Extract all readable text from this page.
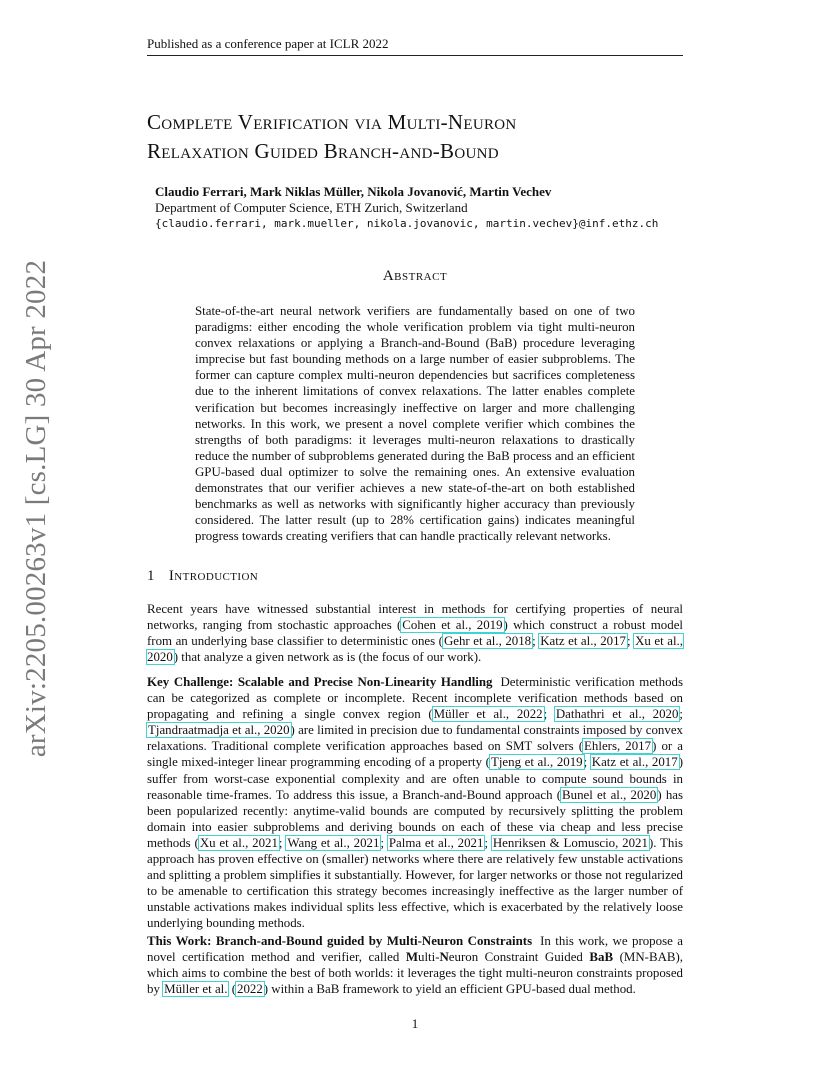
Published as a conference paper at ICLR 2022
Complete Verification via Multi-Neuron
Relaxation Guided Branch-and-Bound
Claudio Ferrari, Mark Niklas Müller, Nikola Jovanović, Martin Vechev
Department of Computer Science, ETH Zurich, Switzerland
{claudio.ferrari, mark.mueller, nikola.jovanovic, martin.vechev}@inf.ethz.ch
Abstract
State-of-the-art neural network verifiers are fundamentally based on one of two paradigms: either encoding the whole verification problem via tight multi-neuron convex relaxations or applying a Branch-and-Bound (BaB) procedure leveraging imprecise but fast bounding methods on a large number of easier subproblems. The former can capture complex multi-neuron dependencies but sacrifices completeness due to the inherent limitations of convex relaxations. The latter enables complete verification but becomes increasingly ineffective on larger and more challenging networks. In this work, we present a novel complete verifier which combines the strengths of both paradigms: it leverages multi-neuron relaxations to drastically reduce the number of subproblems generated during the BaB process and an efficient GPU-based dual optimizer to solve the remaining ones. An extensive evaluation demonstrates that our verifier achieves a new state-of-the-art on both established benchmarks as well as networks with significantly higher accuracy than previously considered. The latter result (up to 28% certification gains) indicates meaningful progress towards creating verifiers that can handle practically relevant networks.
1 Introduction
Recent years have witnessed substantial interest in methods for certifying properties of neural networks, ranging from stochastic approaches (Cohen et al., 2019) which construct a robust model from an underlying base classifier to deterministic ones (Gehr et al., 2018; Katz et al., 2017; Xu et al., 2020) that analyze a given network as is (the focus of our work).
Key Challenge: Scalable and Precise Non-Linearity Handling Deterministic verification methods can be categorized as complete or incomplete. Recent incomplete verification methods based on propagating and refining a single convex region (Müller et al., 2022; Dathathri et al., 2020; Tjandraatmadja et al., 2020) are limited in precision due to fundamental constraints imposed by convex relaxations. Traditional complete verification approaches based on SMT solvers (Ehlers, 2017) or a single mixed-integer linear programming encoding of a property (Tjeng et al., 2019; Katz et al., 2017) suffer from worst-case exponential complexity and are often unable to compute sound bounds in reasonable time-frames. To address this issue, a Branch-and-Bound approach (Bunel et al., 2020) has been popularized recently: anytime-valid bounds are computed by recursively splitting the problem domain into easier subproblems and deriving bounds on each of these via cheap and less precise methods (Xu et al., 2021; Wang et al., 2021; Palma et al., 2021; Henriksen & Lomuscio, 2021). This approach has proven effective on (smaller) networks where there are relatively few unstable activations and splitting a problem simplifies it substantially. However, for larger networks or those not regularized to be amenable to certification this strategy becomes increasingly ineffective as the larger number of unstable activations makes individual splits less effective, which is exacerbated by the relatively loose underlying bounding methods.
This Work: Branch-and-Bound guided by Multi-Neuron Constraints In this work, we propose a novel certification method and verifier, called Multi-Neuron Constraint Guided BaB (MN-BAB), which aims to combine the best of both worlds: it leverages the tight multi-neuron constraints proposed by Müller et al. (2022) within a BaB framework to yield an efficient GPU-based dual method.
1
arXiv:2205.00263v1 [cs.LG] 30 Apr 2022
